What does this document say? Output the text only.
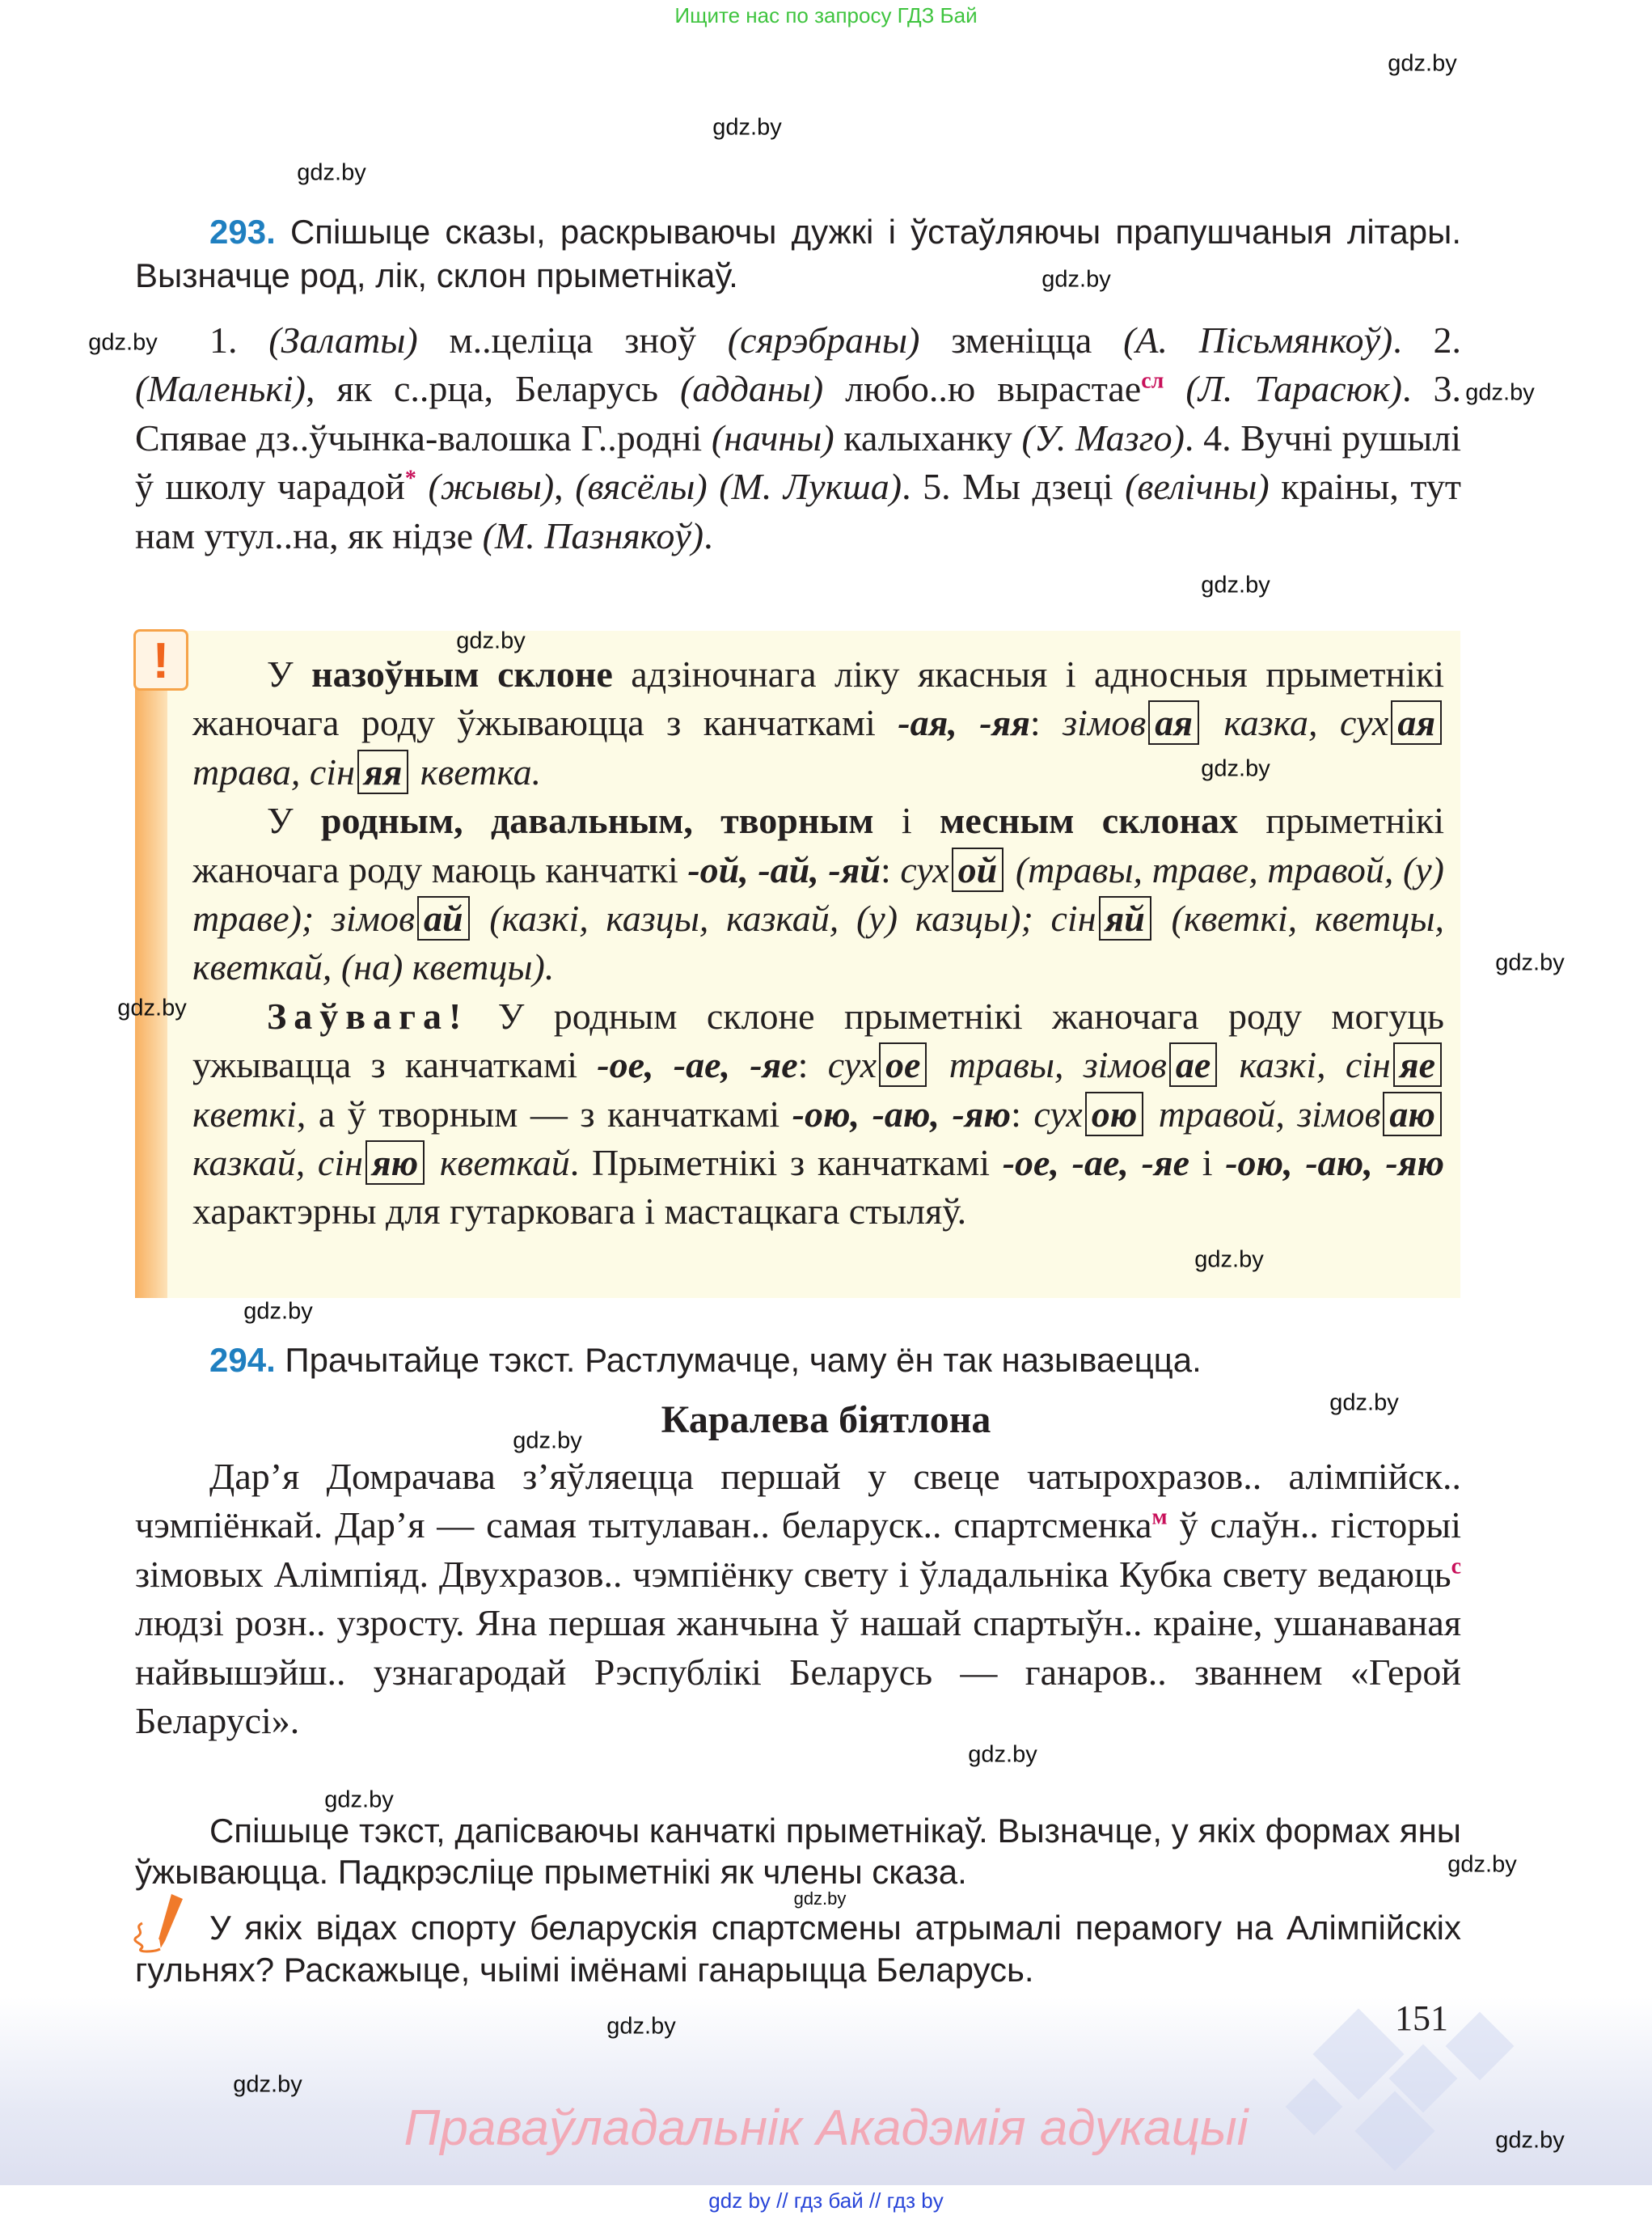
Ищите нас по запросу ГДЗ Бай
gdz.by
gdz.by
gdz.by
gdz.by
gdz.by
gdz.by
gdz.by
gdz.by
gdz.by
gdz.by
gdz.by
gdz.by
gdz.by
gdz.by
gdz.by
gdz.by
gdz.by
gdz.by
gdz.by
gdz.by
gdz.by
gdz.by
293. Спішыце сказы, раскрываючы дужкі і ўстаўляючы прапушчаныя літары. Вызначце род, лік, склон прыметнікаў.
1. (Залаты) м..целіца зноў (сярэбраны) зменіцца (А. Пісьмянкоў). 2. (Маленькі), як с..рца, Беларусь (адданы) любо..ю вырастае$^{сл}$ (Л. Тарасюк). 3. Спявае дз..ўчынка-валошка Г..родні (начны) калыханку (У. Мазго). 4. Вучні рушылі ў школу чарадой* (жывы), (вясёлы) (М. Лукша). 5. Мы дзеці (велічны) краіны, тут нам утул..на, як нідзе (М. Пазнякоў).
!	У назоўным склоне адзіночнага ліку якасныя і адносныя прыметнікі жаночага роду ўжываюцца з канчаткамі -ая, -яя: зімов ая казка, сух ая трава, сін яя кветка.
У родным, давальным, творным і месным склонах прыметнікі жаночага роду маюць канчаткі -ой, -ай, -яй: сух ой (травы, траве, травой, (у) траве); зімов ай (казкі, казцы, казкай, (у) казцы); сін яй (кветкі, кветцы, кветкай, (на) кветцы).
Заўвага! У родным склоне прыметнікі жаночага роду могуць ужывацца з канчаткамі -ое, -ае, -яе: сух ое травы, зімов ае казкі, сін яе кветкі, а ў творным — з канчаткамі -ою, -аю, -яю: сух ою травой, зімов аю казкай, сін яю кветкай. Прыметнікі з канчаткамі -ое, -ае, -яе і -ою, -аю, -яю характэрны для гутарковага і мастацкага стыляў.
294. Прачытайце тэкст. Растлумачце, чаму ён так называецца.
Каралева біятлона
Дар’я Домрачава з’яўляецца першай у свеце чатырохразов.. алімпійск.. чэмпіёнкай. Дар’я — самая тытулаван.. беларуск.. спартсменка$^м$ ў слаўн.. гісторыі зімовых Алімпіяд. Двухразов.. чэмпіёнку свету і ўладальніка Кубка свету ведаюць$^с$ людзі розн.. узросту. Яна першая жанчына ў нашай спартыўн.. краіне, ушанаваная найвышэйш.. узнагародай Рэспублікі Беларусь — ганаров.. званнем «Герой Беларусі».
Спішыце тэкст, дапісваючы канчаткі прыметнікаў. Вызначце, у якіх формах яны ўжываюцца. Падкрэсліце прыметнікі як члены сказа.
У якіх відах спорту беларускія спартсмены атрымалі перамогу на Алімпійскіх гульнях? Раскажыце, чыімі імёнамі ганарыцца Беларусь.
151
Праваўладальнік Акадэмія адукацыі
gdz by // гдз бай // гдз by
